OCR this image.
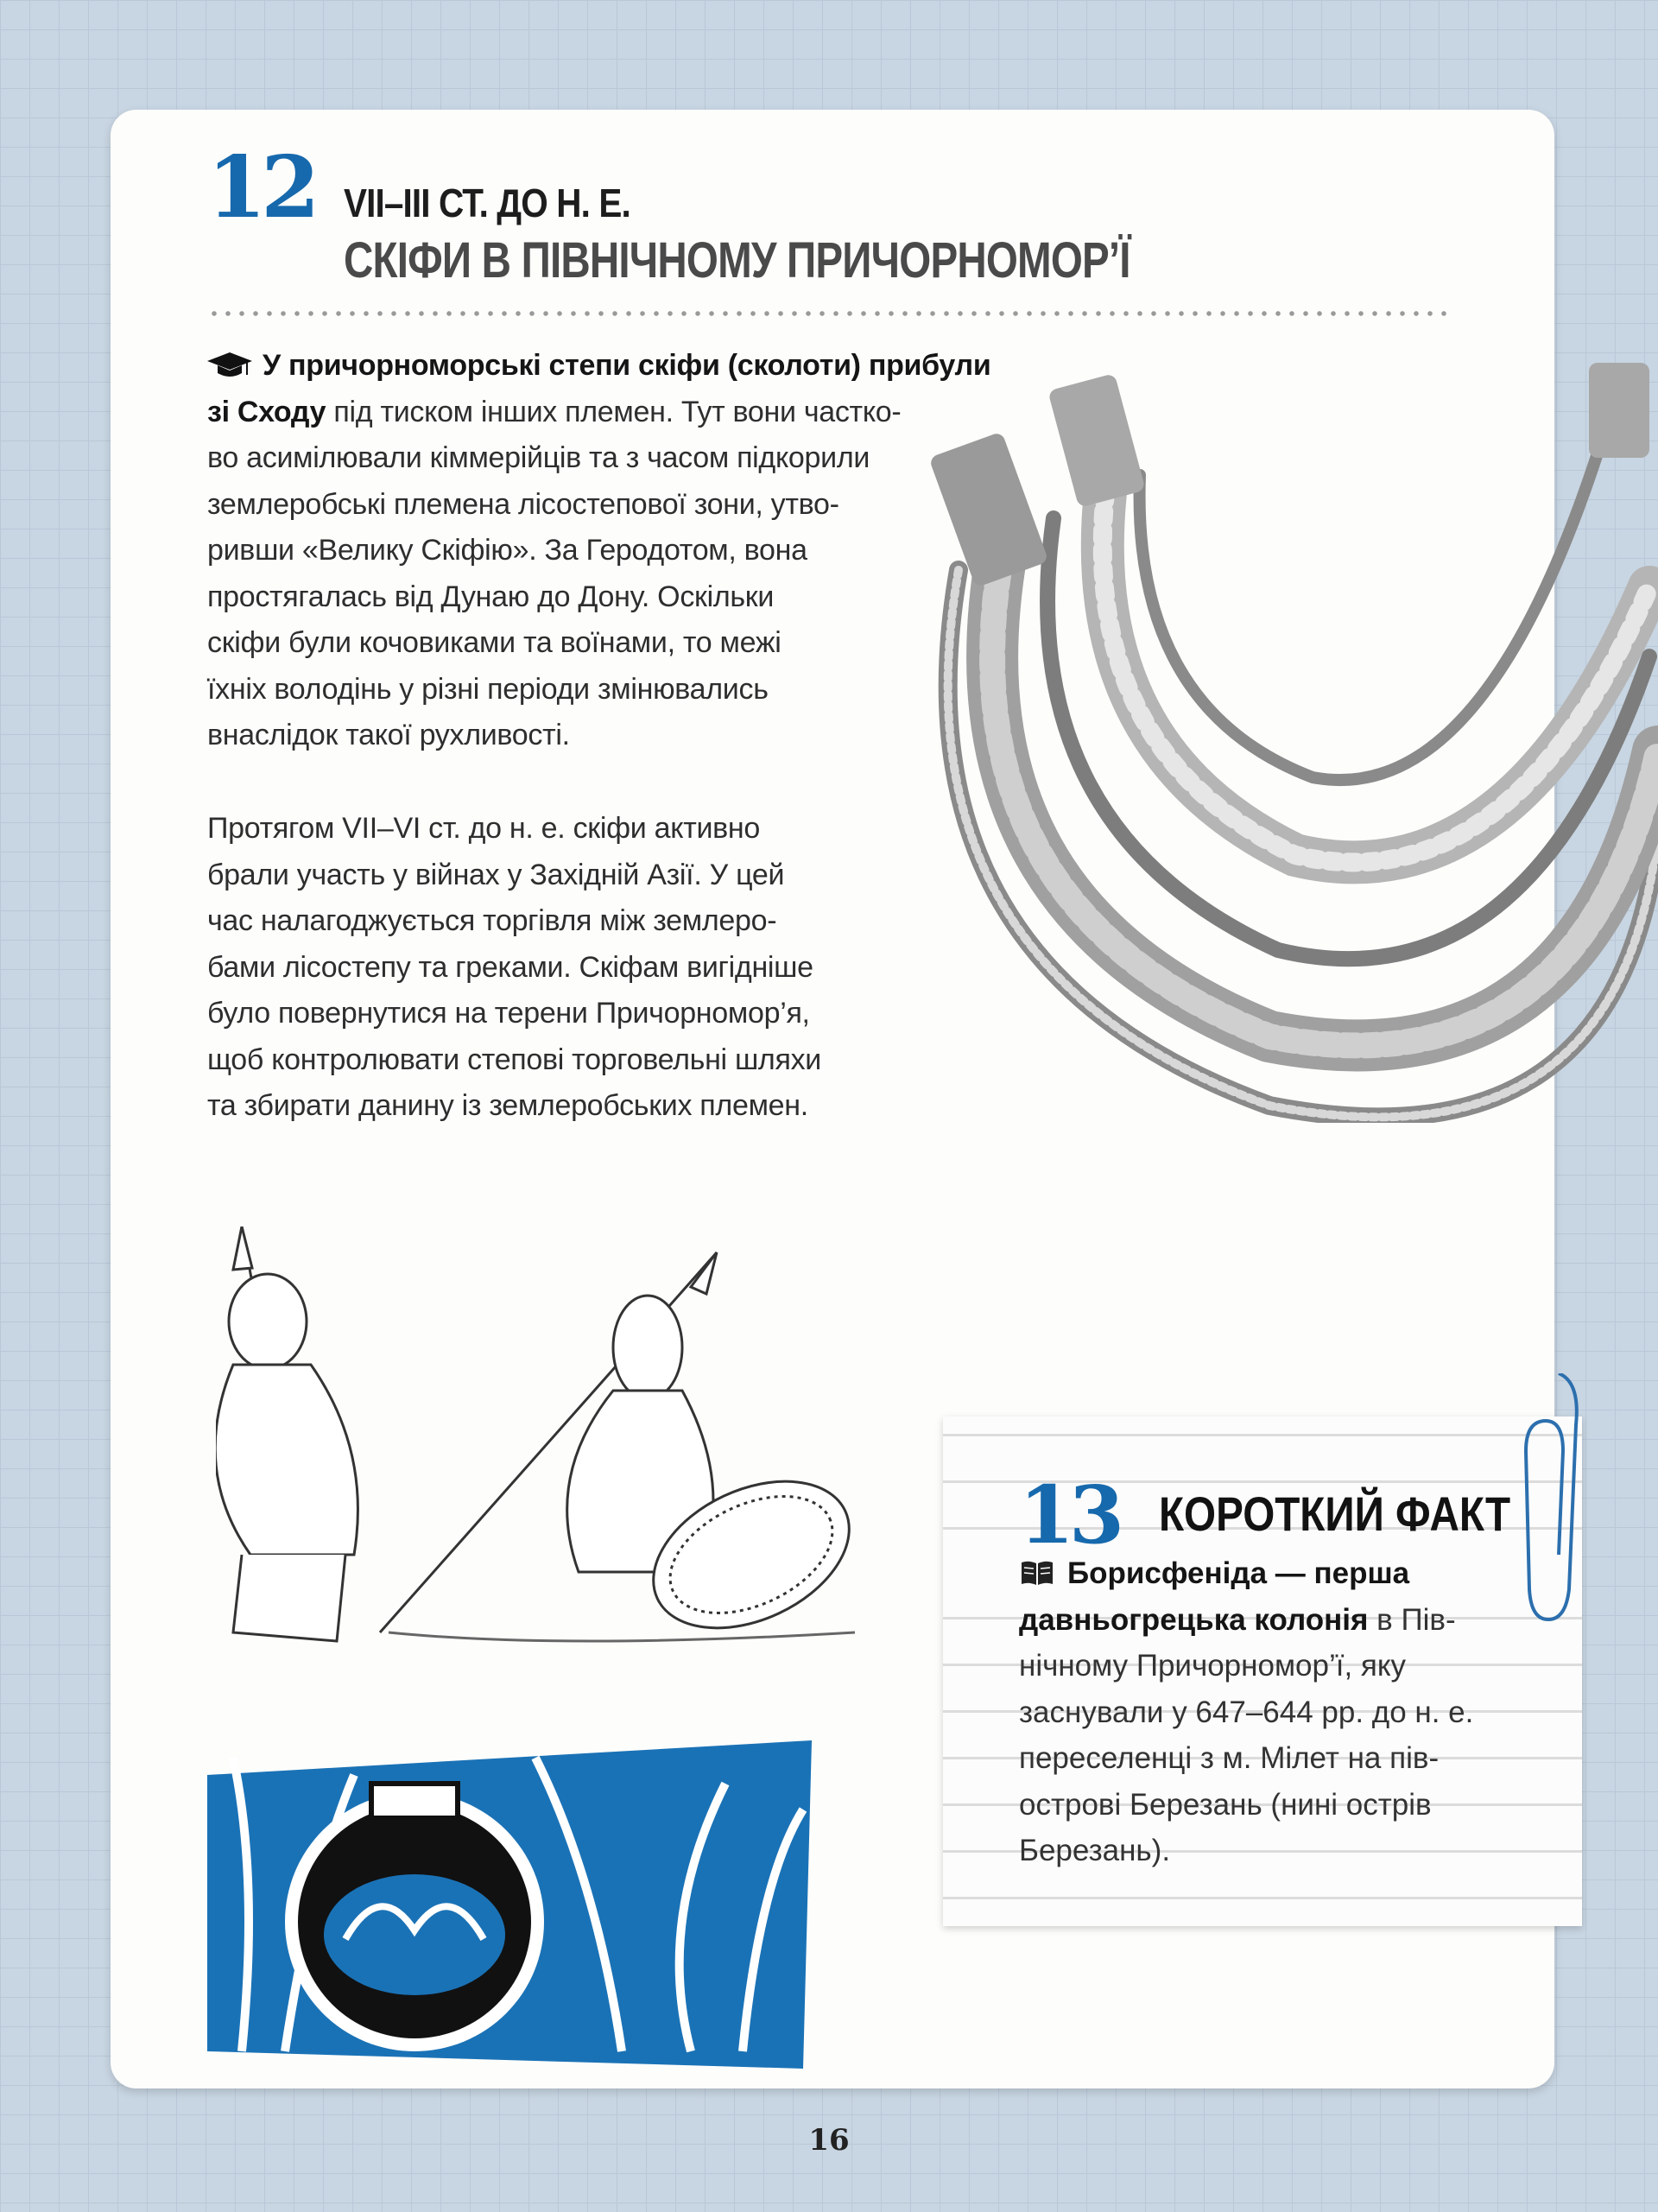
12 VII–III СТ. ДО Н. Е.
СКІФИ В ПІВНІЧНОМУ ПРИЧОРНОМОР’Ї
У причорноморські степи скіфи (сколоти) прибули
зі Сходу під тиском інших племен. Тут вони частко-
во асимілювали кіммерійців та з часом підкорили
землеробські племена лісостепової зони, утво-
ривши «Велику Скіфію». За Геродотом, вона
простягалась від Дунаю до Дону. Оскільки
скіфи були кочовиками та воїнами, то межі
їхніх володінь у різні періоди змінювались
внаслідок такої рухливості.
Протягом VII–VI ст. до н. е. скіфи активно
брали участь у війнах у Західній Азії. У цей
час налагоджується торгівля між землеро-
бами лісостепу та греками. Скіфам вигідніше
було повернутися на терени Причорномор’я,
щоб контролювати степові торговельні шляхи
та збирати данину із землеробських племен.
13 КОРОТКИЙ ФАКТ
Борисфеніда — перша
давньогрецька колонія в Пів-
нічному Причорномор’ї, яку
заснували у 647–644 рр. до н. е.
переселенці з м. Мілет на пів-
острові Березань (нині острів
Березань).
16
